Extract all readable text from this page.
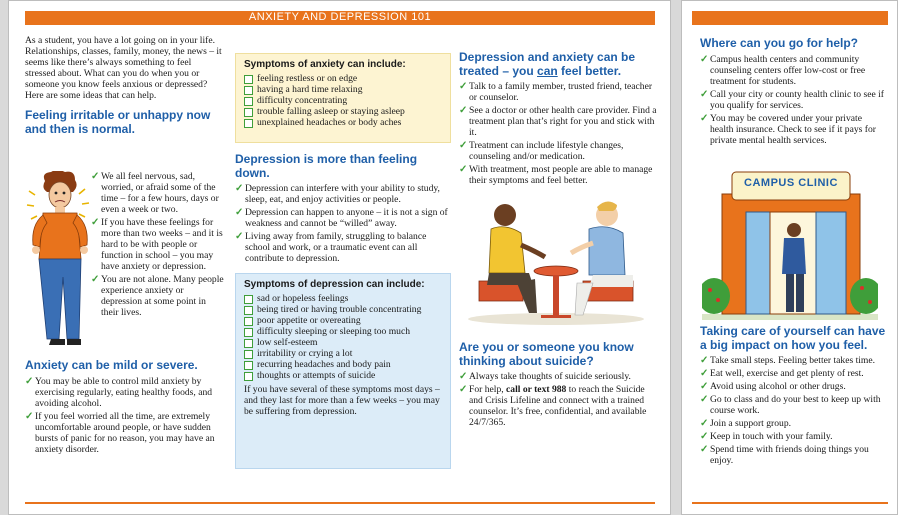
ANXIETY AND DEPRESSION 101

As a student, you have a lot going on in your life. Relationships, classes, family, money, the news – it seems like there’s always something to feel stressed about. What can you do when you or someone you know feels anxious or depressed? Here are some ideas that can help.

Feeling irritable or unhappy now and then is normal.
✓ We all feel nervous, sad, worried, or afraid some of the time – for a few hours, days or even a week or two.
✓ If you have these feelings for more than two weeks – and it is hard to be with people or function in school – you may have anxiety or depression.
✓ You are not alone. Many people experience anxiety or depression at some point in their lives.
Anxiety can be mild or severe.
✓ You may be able to control mild anxiety by exercising regularly, eating healthy foods, and avoiding alcohol.
✓ If you feel worried all the time, are extremely uncomfortable around people, or have sudden bursts of panic for no reason, you may have an anxiety disorder.
Symptoms of anxiety can include:
feeling restless or on edge
having a hard time relaxing
difficulty concentrating
trouble falling asleep or staying asleep
unexplained headaches or body aches
Depression is more than feeling down.
✓ Depression can interfere with your ability to study, sleep, eat, and enjoy activities or people.
✓ Depression can happen to anyone – it is not a sign of weakness and cannot be “willed” away.
✓ Living away from family, struggling to balance school and work, or a traumatic event can all contribute to depression.
Symptoms of depression can include:
sad or hopeless feelings
being tired or having trouble concentrating
poor appetite or overeating
difficulty sleeping or sleeping too much
low self-esteem
irritability or crying a lot
recurring headaches and body pain
thoughts or attempts of suicide

If you have several of these symptoms most days – and they last for more than a few weeks – you may be suffering from depression.

Depression and anxiety can be treated – you can feel better.
✓ Talk to a family member, trusted friend, teacher or counselor.
✓ See a doctor or other health care provider. Find a treatment plan that’s right for you and stick with it.
✓ Treatment can include lifestyle changes, counseling and/or medication.
✓ With treatment, most people are able to manage their symptoms and feel better.
Are you or someone you know thinking about suicide?
✓ Always take thoughts of suicide seriously.
✓ For help, call or text 988 to reach the Suicide and Crisis Lifeline and connect with a trained counselor. It’s free, confidential, and available 24/7/365.
Where can you go for help?
✓ Campus health centers and community counseling centers offer low-cost or free treatment for students.
✓ Call your city or county health clinic to see if you qualify for services.
✓ You may be covered under your private health insurance. Check to see if it pays for private mental health services.
CAMPUS CLINIC
Taking care of yourself can have a big impact on how you feel.
✓ Take small steps. Feeling better takes time.
✓ Eat well, exercise and get plenty of rest.
✓ Avoid using alcohol or other drugs.
✓ Go to class and do your best to keep up with course work.
✓ Join a support group.
✓ Keep in touch with your family.
✓ Spend time with friends doing things you enjoy.
